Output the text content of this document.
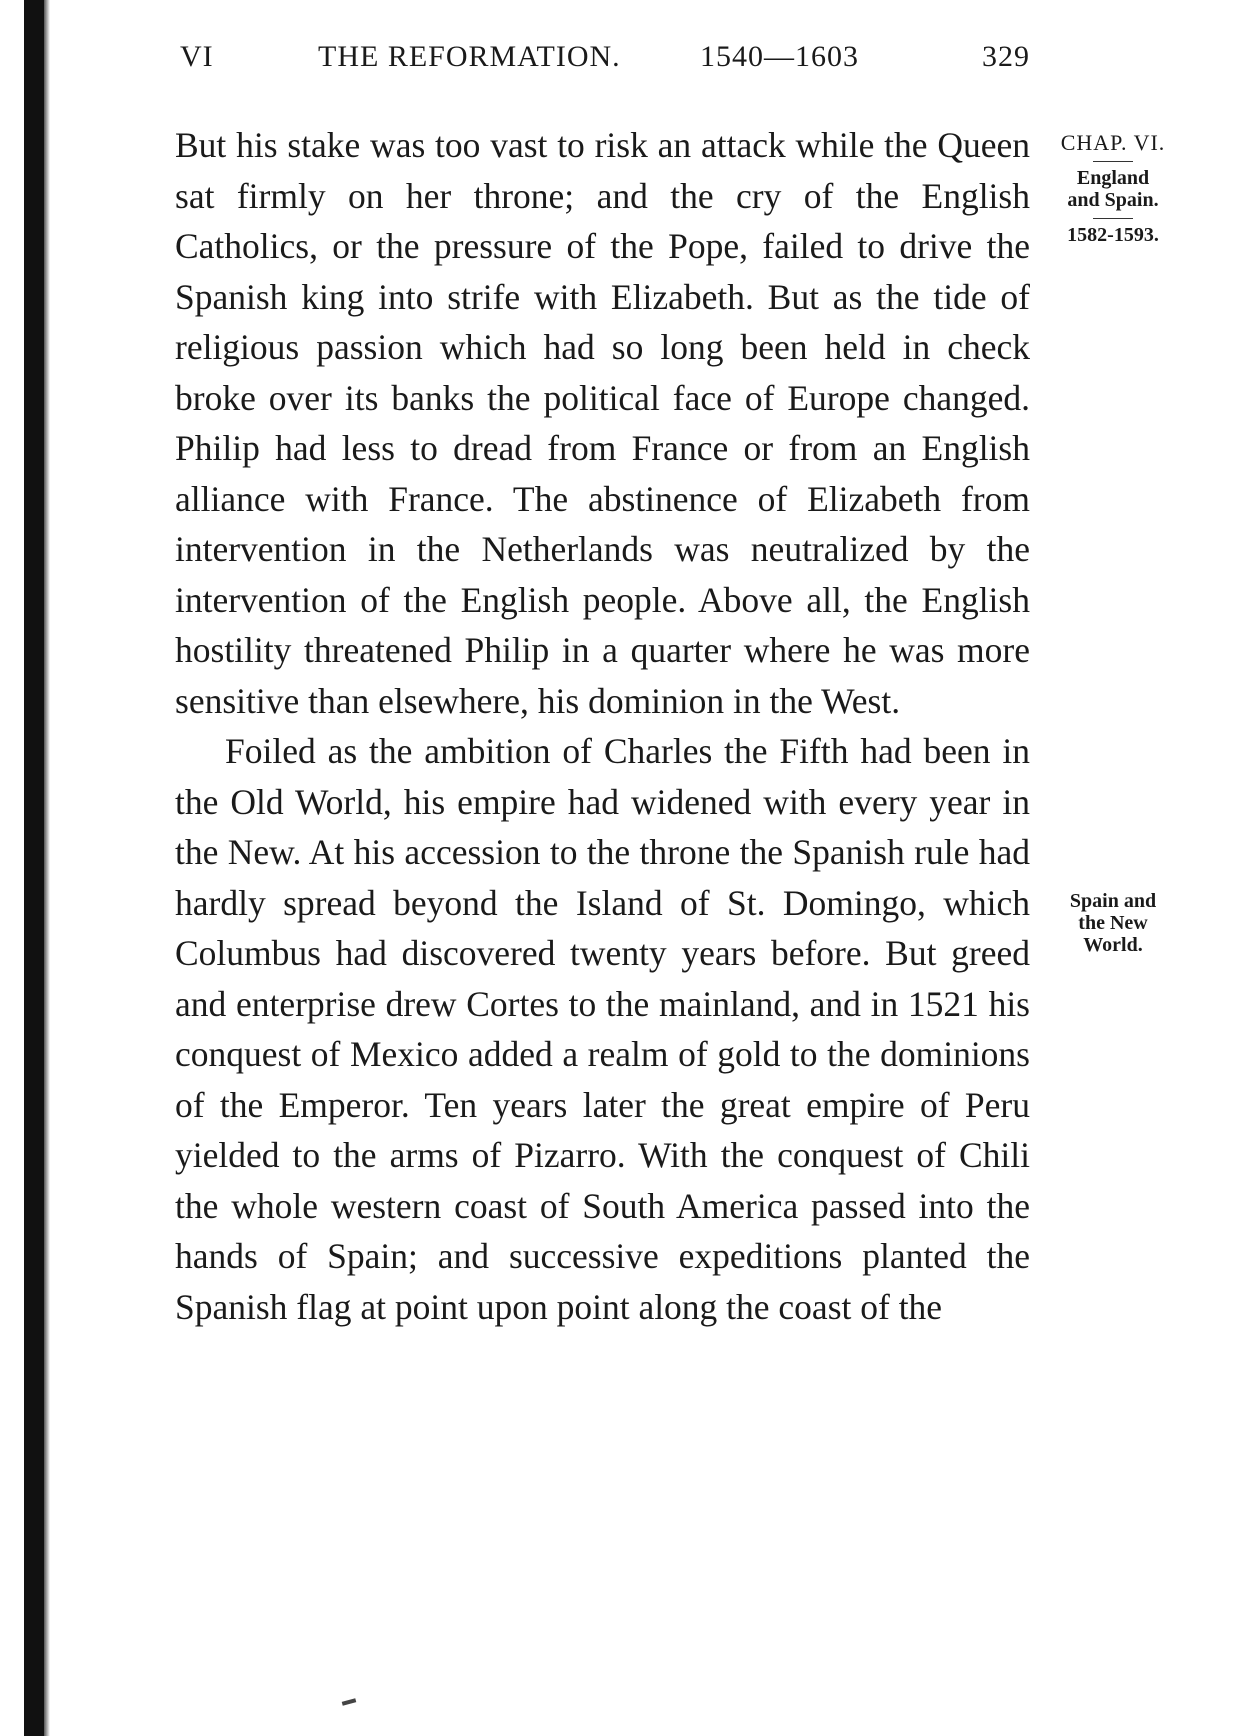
VI	THE REFORMATION.	1540—1603	329

But his stake was too vast to risk an attack while the Queen sat firmly on her throne; and the cry of the English Catholics, or the pressure of the Pope, failed to drive the Spanish king into strife with Elizabeth. But as the tide of religious passion which had so long been held in check broke over its banks the political face of Europe changed. Philip had less to dread from France or from an English alliance with France. The abstinence of Elizabeth from intervention in the Netherlands was neutralized by the intervention of the English people. Above all, the English hostility threatened Philip in a quarter where he was more sensitive than elsewhere, his dominion in the West.

Foiled as the ambition of Charles the Fifth had been in the Old World, his empire had widened with every year in the New. At his accession to the throne the Spanish rule had hardly spread beyond the Island of St. Domingo, which Columbus had discovered twenty years before. But greed and enterprise drew Cortes to the mainland, and in 1521 his conquest of Mexico added a realm of gold to the dominions of the Emperor. Ten years later the great empire of Peru yielded to the arms of Pizarro. With the conquest of Chili the whole western coast of South America passed into the hands of Spain; and successive expeditions planted the Spanish flag at point upon point along the coast of the

CHAP. VI.
England
and Spain.
1582-1593.
Spain and
the New
World.
